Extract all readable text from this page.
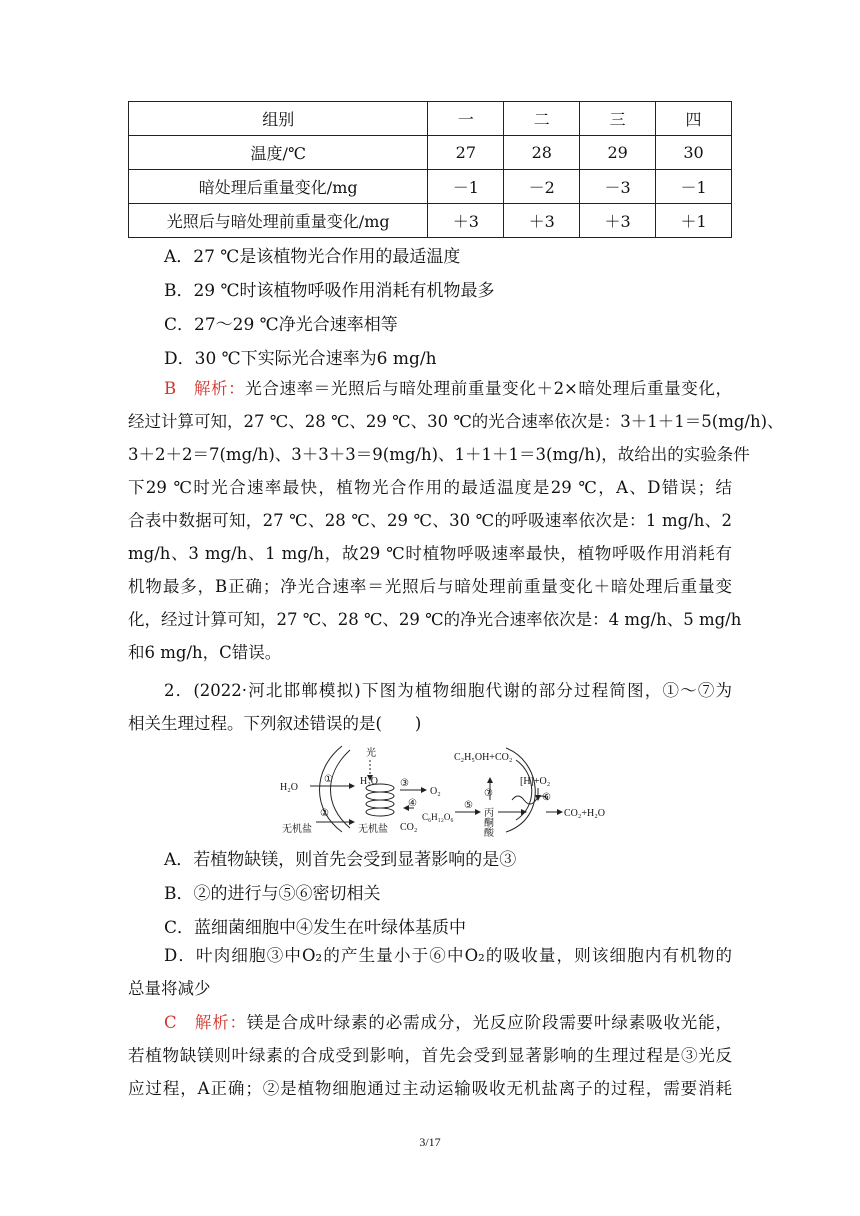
组别	一	二	三	四
温度/℃	27	28	29	30
暗处理后重量变化/mg	－1	－2	－3	－1
光照后与暗处理前重量变化/mg	＋3	＋3	＋3	＋1
A．27 ℃是该植物光合作用的最适温度
B．29 ℃时该植物呼吸作用消耗有机物最多
C．27～29 ℃净光合速率相等
D．30 ℃下实际光合速率为6 mg/h
B　 解析：光合速率＝光照后与暗处理前重量变化＋2×暗处理后重量变化，
经过计算可知，27 ℃、28 ℃、29 ℃、30 ℃的光合速率依次是：3＋1＋1＝5(mg/h)、
3＋2＋2＝7(mg/h)、3＋3＋3＝9(mg/h)、1＋1＋1＝3(mg/h)，故给出的实验条件
下29 ℃时光合速率最快，植物光合作用的最适温度是29 ℃，A、D错误；结
合表中数据可知，27 ℃、28 ℃、29 ℃、30 ℃的呼吸速率依次是：1 mg/h、2
mg/h、3 mg/h、1 mg/h，故29 ℃时植物呼吸速率最快，植物呼吸作用消耗有
机物最多，B正确；净光合速率＝光照后与暗处理前重量变化＋暗处理后重量变
化，经过计算可知，27 ℃、28 ℃、29 ℃的净光合速率依次是：4 mg/h、5 mg/h
和6 mg/h，C错误。
2．(2022·河北邯郸模拟)下图为植物细胞代谢的部分过程简图，①～⑦为
相关生理过程。下列叙述错误的是(　　)
H₂O
①
光
H₂O ③
O₂
④
C₆H₁₂O₆
CO₂
②
无机盐	无机盐
C₂H₅OH+CO₂
⑤
⑦
丙
酮
酸
[H]+O₂
⑥
CO₂+H₂O
A．若植物缺镁，则首先会受到显著影响的是③
B．②的进行与⑤⑥密切相关
C．蓝细菌细胞中④发生在叶绿体基质中
D．叶肉细胞③中O₂的产生量小于⑥中O₂的吸收量，则该细胞内有机物的
总量将减少
C　 解析：镁是合成叶绿素的必需成分，光反应阶段需要叶绿素吸收光能，
若植物缺镁则叶绿素的合成受到影响，首先会受到显著影响的生理过程是③光反
应过程，A正确；②是植物细胞通过主动运输吸收无机盐离子的过程，需要消耗
3/17
